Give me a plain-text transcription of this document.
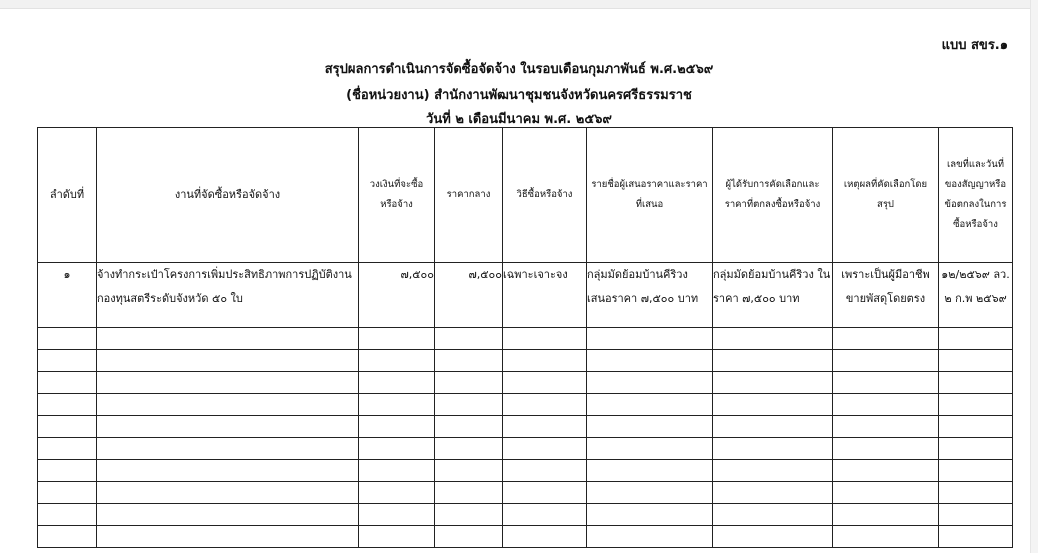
แบบ สขร.๑
สรุปผลการดำเนินการจัดซื้อจัดจ้าง ในรอบเดือนกุมภาพันธ์ พ.ศ.๒๕๖๙
(ชื่อหน่วยงาน) สำนักงานพัฒนาชุมชนจังหวัดนครศรีธรรมราช
วันที่ ๒ เดือนมีนาคม พ.ศ. ๒๕๖๙
ลำดับที่	งานที่จัดซื้อหรือจัดจ้าง	วงเงินที่จะซื้อหรือจ้าง	ราคากลาง	วิธีซื้อหรือจ้าง	รายชื่อผู้เสนอราคาและราคาที่เสนอ	ผู้ได้รับการคัดเลือกและราคาที่ตกลงซื้อหรือจ้าง	เหตุผลที่คัดเลือกโดยสรุป	เลขที่และวันที่ของสัญญาหรือข้อตกลงในการซื้อหรือจ้าง
๑	จ้างทำกระเป๋าโครงการเพิ่มประสิทธิภาพการปฏิบัติงานกองทุนสตรีระดับจังหวัด ๕๐ ใบ	๗,๕๐๐	๗,๕๐๐	เฉพาะเจาะจง	กลุ่มมัดย้อมบ้านคีริวง เสนอราคา ๗,๕๐๐ บาท	กลุ่มมัดย้อมบ้านคีริวง ในราคา ๗,๕๐๐ บาท	เพราะเป็นผู้มีอาชีพขายพัสดุโดยตรง	๑๒/๒๕๖๙ ลว. ๒ ก.พ ๒๕๖๙
